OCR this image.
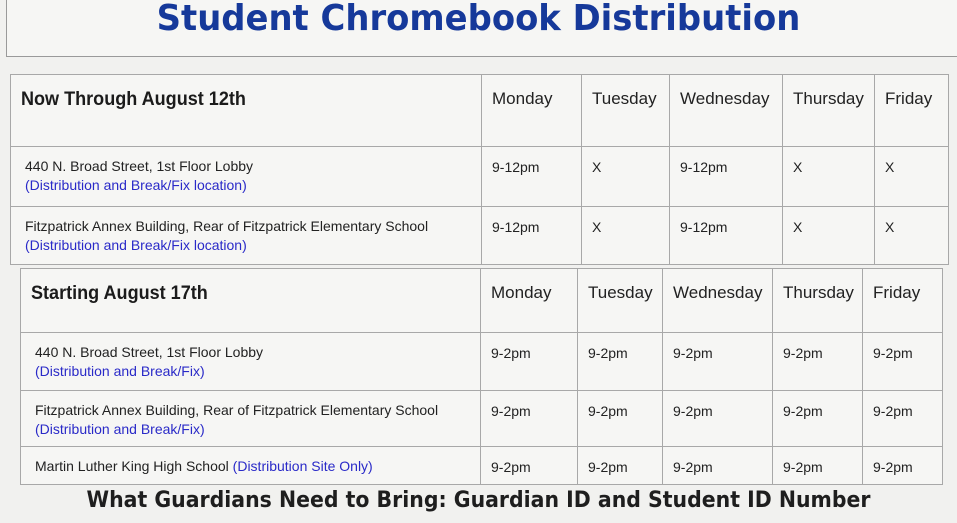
Student Chromebook Distribution
Now Through August 12th	Monday	Tuesday	Wednesday	Thursday	Friday
440 N. Broad Street, 1st Floor Lobby
(Distribution and Break/Fix location)	9-12pm	X	9-12pm	X	X
Fitzpatrick Annex Building, Rear of Fitzpatrick Elementary School
(Distribution and Break/Fix location)	9-12pm	X	9-12pm	X	X
Starting August 17th	Monday	Tuesday	Wednesday	Thursday	Friday
440 N. Broad Street, 1st Floor Lobby
(Distribution and Break/Fix)	9-2pm	9-2pm	9-2pm	9-2pm	9-2pm
Fitzpatrick Annex Building, Rear of Fitzpatrick Elementary School
(Distribution and Break/Fix)	9-2pm	9-2pm	9-2pm	9-2pm	9-2pm
Martin Luther King High School (Distribution Site Only)	9-2pm	9-2pm	9-2pm	9-2pm	9-2pm
What Guardians Need to Bring: Guardian ID and Student ID Number
